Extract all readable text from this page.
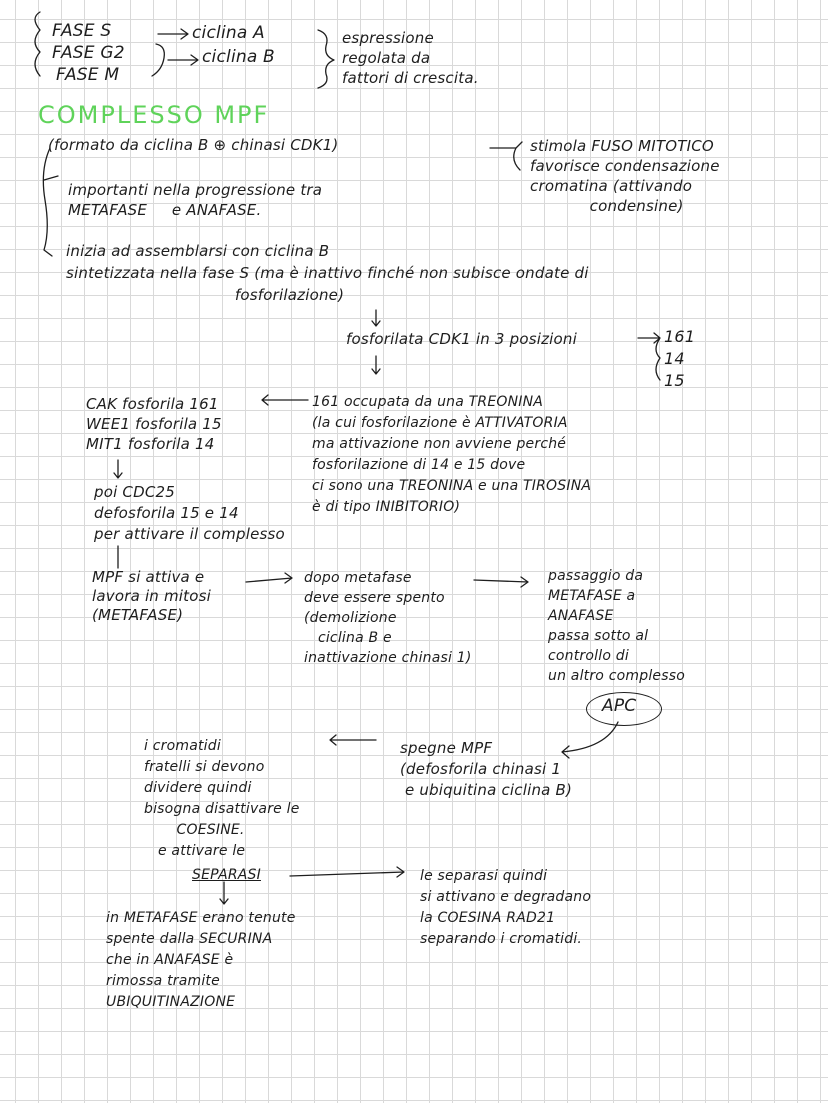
FASE S	ciclina A
FASE G2	ciclina B
FASE M
espressione
regolata da
fattori di crescita.
COMPLESSO MPF
(formato da ciclina B ⊕ chinasi CDK1)	stimola FUSO MITOTICO
favorisce condensazione
cromatina (attivando
condensine)
importanti nella progressione tra
METAFASE     e ANAFASE.
inizia ad assemblarsi con ciclina B
sintetizzata nella fase S (ma è inattivo finché non subisce ondate di
fosforilazione)
fosforilata CDK1 in 3 posizioni	161
14
15
CAK fosforila 161
WEE1 fosforila 15
MIT1 fosforila 14
161 occupata da una TREONINA
(la cui fosforilazione è ATTIVATORIA
ma attivazione non avviene perché
fosforilazione di 14 e 15 dove
ci sono una TREONINA e una TIROSINA
è di tipo INIBITORIO)
poi CDC25
defosforila 15 e 14
per attivare il complesso
MPF si attiva e
lavora in mitosi
(METAFASE)
dopo metafase
deve essere spento
(demolizione
ciclina B e
inattivazione chinasi 1)
passaggio da
METAFASE a
ANAFASE
passa sotto al
controllo di
un altro complesso
APC
spegne MPF
(defosforila chinasi 1
e ubiquitina ciclina B)
i cromatidi
fratelli si devono
dividere quindi
bisogna disattivare le
COESINE.
e attivare le
SEPARASI	le separasi quindi
si attivano e degradano
la COESINA RAD21
separando i cromatidi.
in METAFASE erano tenute
spente dalla SECURINA
che in ANAFASE è
rimossa tramite
UBIQUITINAZIONE
